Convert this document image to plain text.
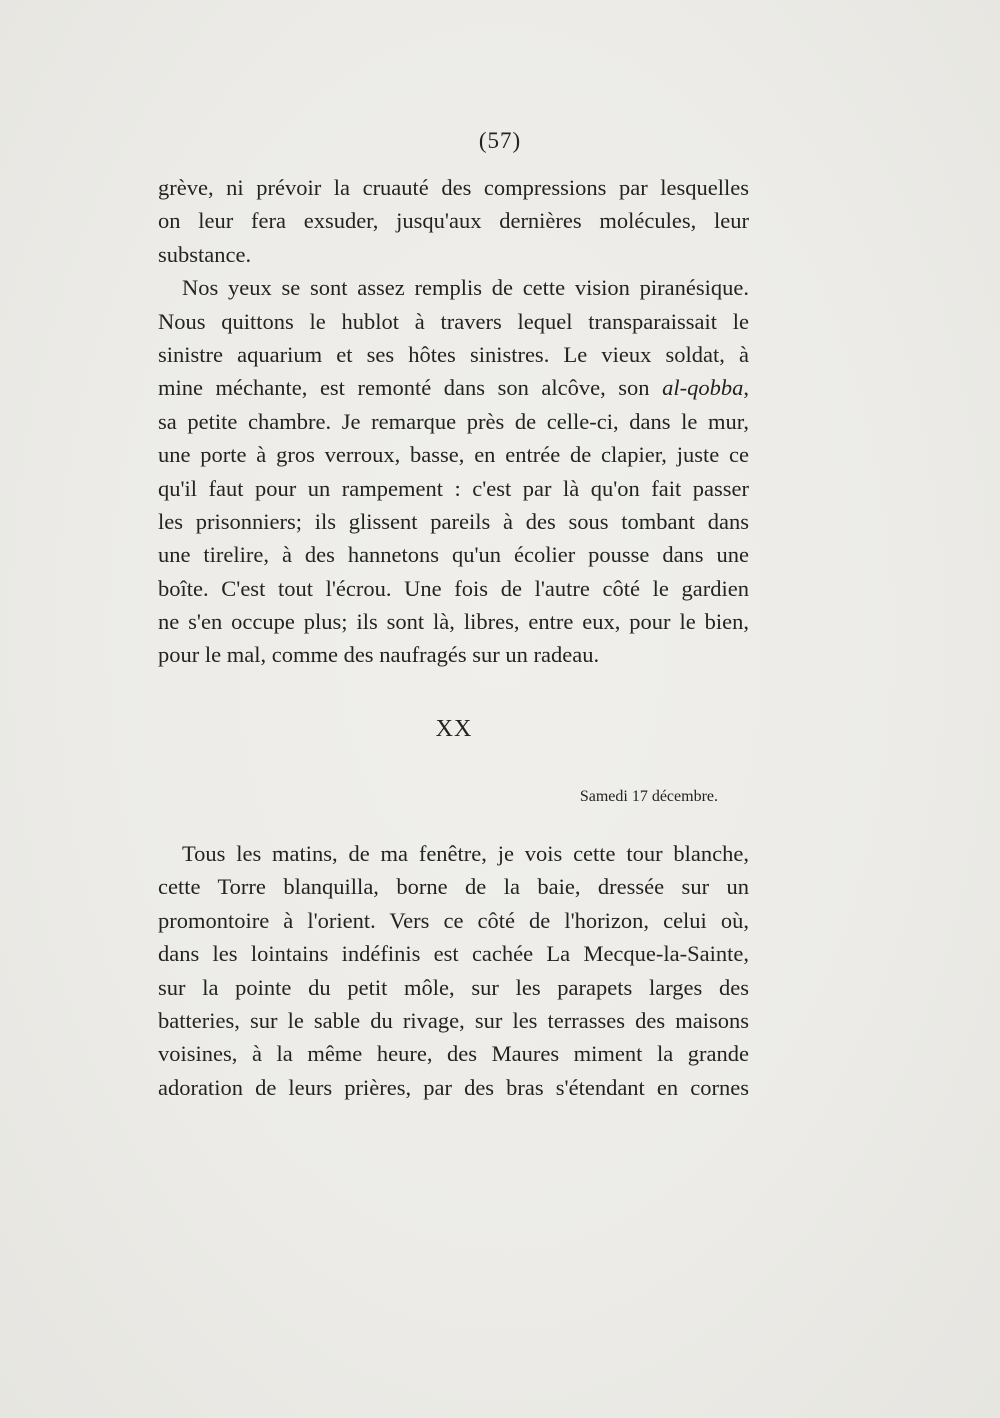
(57)
grève, ni prévoir la cruauté des compressions par lesquelles
on leur fera exsuder, jusqu'aux dernières molécules, leur
substance.
Nos yeux se sont assez remplis de cette vision piranésique.
Nous quittons le hublot à travers lequel transparaissait le
sinistre aquarium et ses hôtes sinistres. Le vieux soldat, à
mine méchante, est remonté dans son alcôve, son al-qobba,
sa petite chambre. Je remarque près de celle-ci, dans le mur,
une porte à gros verroux, basse, en entrée de clapier, juste ce
qu'il faut pour un rampement : c'est par là qu'on fait passer
les prisonniers; ils glissent pareils à des sous tombant dans
une tirelire, à des hannetons qu'un écolier pousse dans une
boîte. C'est tout l'écrou. Une fois de l'autre côté le gardien
ne s'en occupe plus; ils sont là, libres, entre eux, pour le bien,
pour le mal, comme des naufragés sur un radeau.
XX
Samedi 17 décembre.
Tous les matins, de ma fenêtre, je vois cette tour blanche,
cette Torre blanquilla, borne de la baie, dressée sur un
promontoire à l'orient. Vers ce côté de l'horizon, celui où,
dans les lointains indéfinis est cachée La Mecque-la-Sainte,
sur la pointe du petit môle, sur les parapets larges des
batteries, sur le sable du rivage, sur les terrasses des maisons
voisines, à la même heure, des Maures miment la grande
adoration de leurs prières, par des bras s'étendant en cornes
